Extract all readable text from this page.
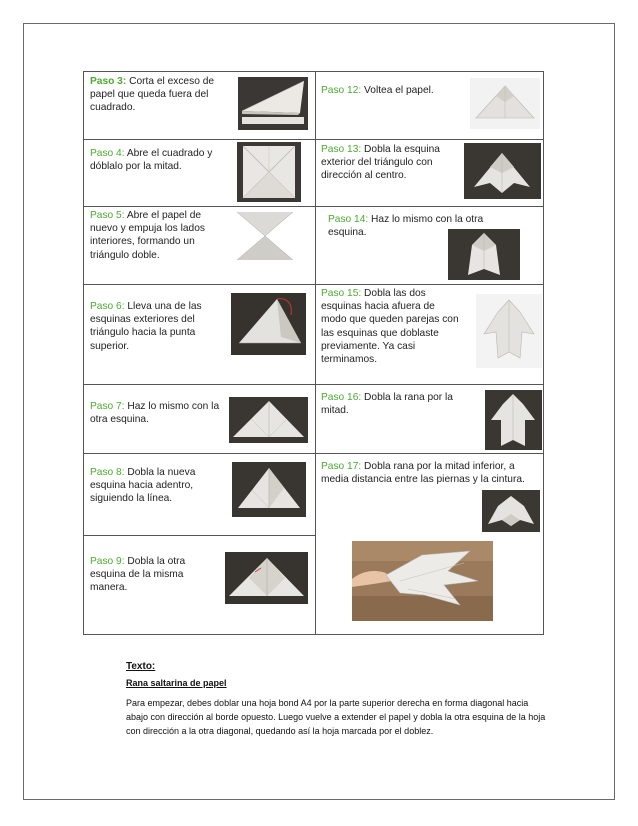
Paso 3: Corta el exceso de papel que queda fuera del cuadrado.
Paso 4: Abre el cuadrado y dóblalo por la mitad.
Paso 5: Abre el papel de nuevo y empuja los lados interiores, formando un triángulo doble.
Paso 6: Lleva una de las esquinas exteriores del triángulo hacia la punta superior.
Paso 7: Haz lo mismo con la otra esquina.
Paso 8: Dobla la nueva esquina hacia adentro, siguiendo la línea.
Paso 9: Dobla la otra esquina de la misma manera.
Paso 12: Voltea el papel.
Paso 13: Dobla la esquina exterior del triángulo con dirección al centro.
Paso 14: Haz lo mismo con la otra esquina.
Paso 15: Dobla las dos esquinas hacia afuera de modo que queden parejas con las esquinas que doblaste previamente. Ya casi terminamos.
Paso 16: Dobla la rana por la mitad.
Paso 17: Dobla rana por la mitad inferior, a media distancia entre las piernas y la cintura.

Texto:

Rana saltarina de papel

Para empezar, debes doblar una hoja bond A4 por la parte superior derecha en forma diagonal hacia abajo con dirección al borde opuesto. Luego vuelve a extender el papel y dobla la otra esquina de la hoja con dirección a la otra diagonal, quedando así la hoja marcada por el doblez.
